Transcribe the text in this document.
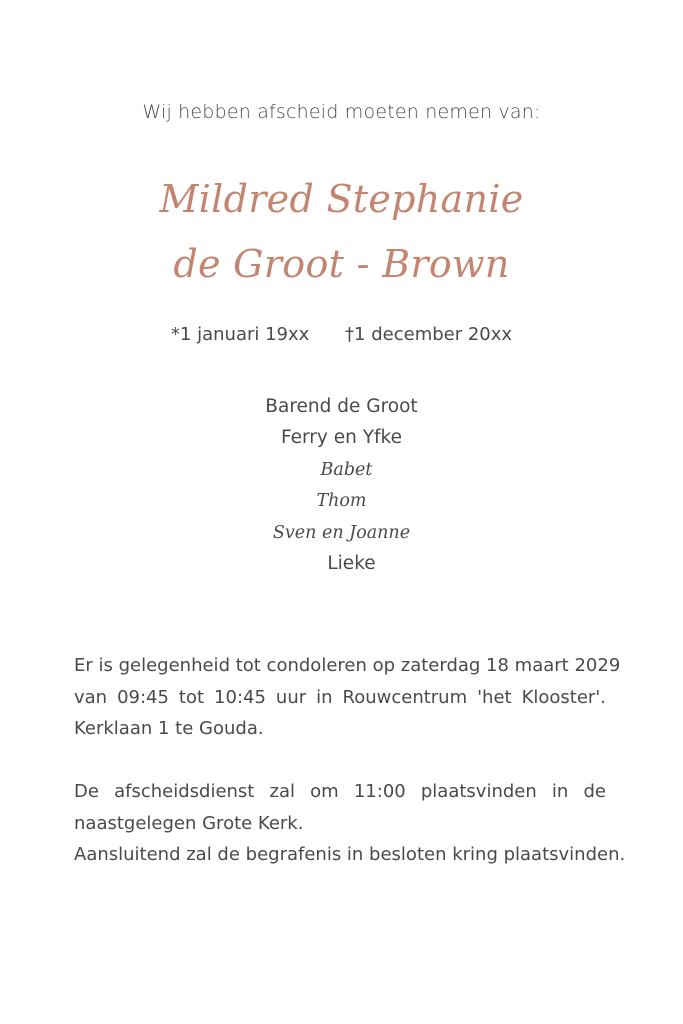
Wij hebben afscheid moeten nemen van:
Mildred Stephanie
de Groot - Brown
*1 januari 19xx †1 december 20xx
Barend de Groot
Ferry en Yfke
Babet
Thom
Sven en Joanne
Lieke
Er is gelegenheid tot condoleren op zaterdag 18 maart 2029
van 09:45 tot 10:45 uur in Rouwcentrum 'het Klooster'.
Kerklaan 1 te Gouda.
De afscheidsdienst zal om 11:00 plaatsvinden in de
naastgelegen Grote Kerk.
Aansluitend zal de begrafenis in besloten kring plaatsvinden.
